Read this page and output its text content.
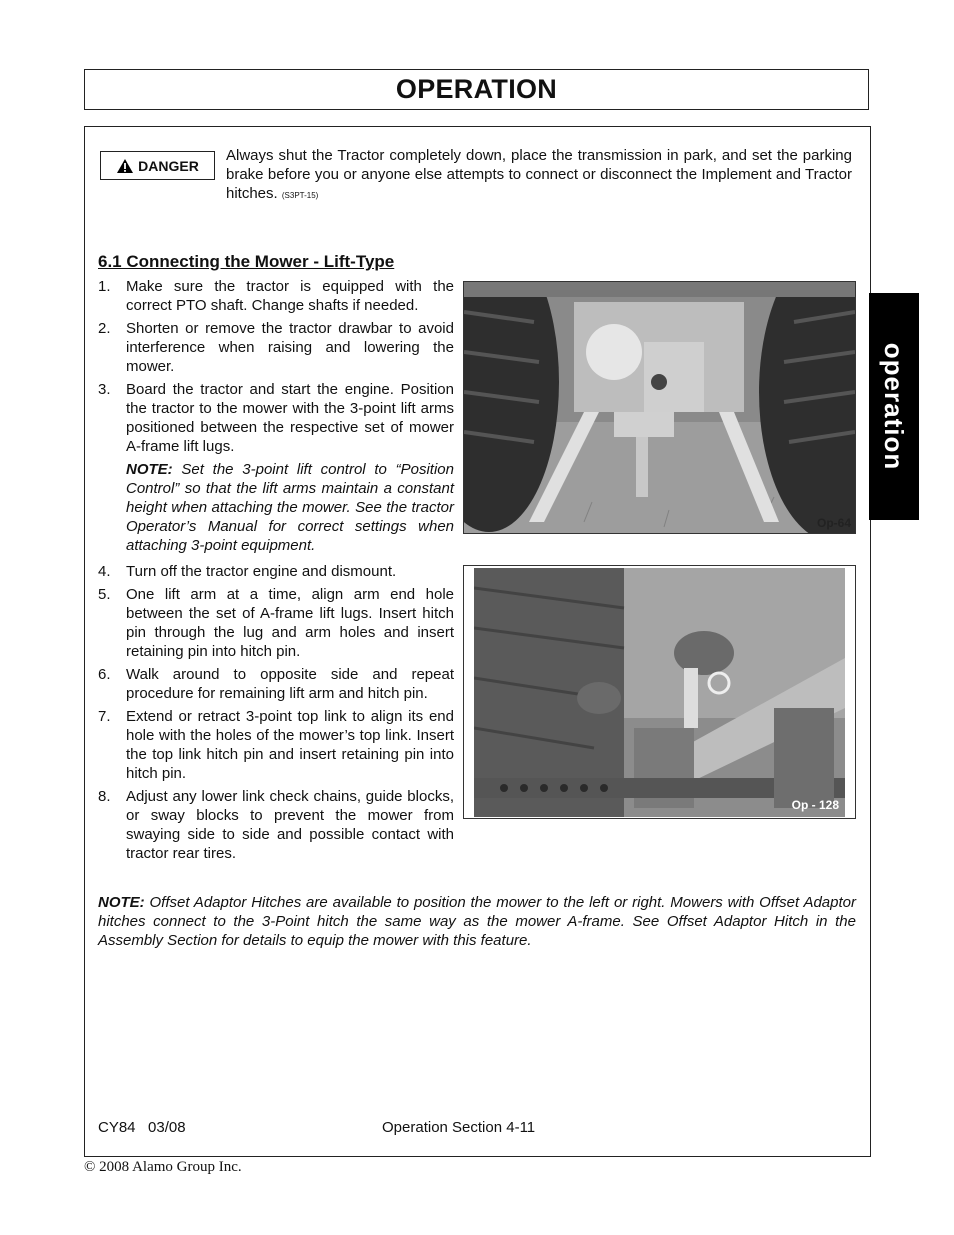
OPERATION
operation
DANGER
Always shut the Tractor completely down, place the transmission in park, and set the parking brake before you or anyone else attempts to connect or disconnect the Implement and Tractor hitches. (S3PT-15)
6.1 Connecting the Mower - Lift-Type
1.	Make sure the tractor is equipped with the correct PTO shaft. Change shafts if needed.
2.	Shorten or remove the tractor drawbar to avoid interference when raising and lowering the mower.
3.	Board the tractor and start the engine. Position the tractor to the mower with the 3-point lift arms positioned between the respective set of mower A-frame lift lugs.
NOTE: Set the 3-point lift control to “Position Control” so that the lift arms maintain a constant height when attaching the mower. See the tractor Operator’s Manual for correct settings when attaching 3-point equipment.
4.	Turn off the tractor engine and dismount.
5.	One lift arm at a time, align arm end hole between the set of A-frame lift lugs. Insert hitch pin through the lug and arm holes and insert retaining pin into hitch pin.
6.	Walk around to opposite side and repeat procedure for remaining lift arm and hitch pin.
7.	Extend or retract 3-point top link to align its end hole with the holes of the mower’s top link. Insert the top link hitch pin and insert retaining pin into hitch pin.
8.	Adjust any lower link check chains, guide blocks, or sway blocks to prevent the mower from swaying side to side and possible contact with tractor rear tires.
Op-64
Op - 128
NOTE: Offset Adaptor Hitches are available to position the mower to the left or right. Mowers with Offset Adaptor hitches connect to the 3-Point hitch the same way as the mower A-frame. See Offset Adaptor Hitch in the Assembly Section for details to equip the mower with this feature.
CY84   03/08	Operation Section 4-11
© 2008 Alamo Group Inc.
